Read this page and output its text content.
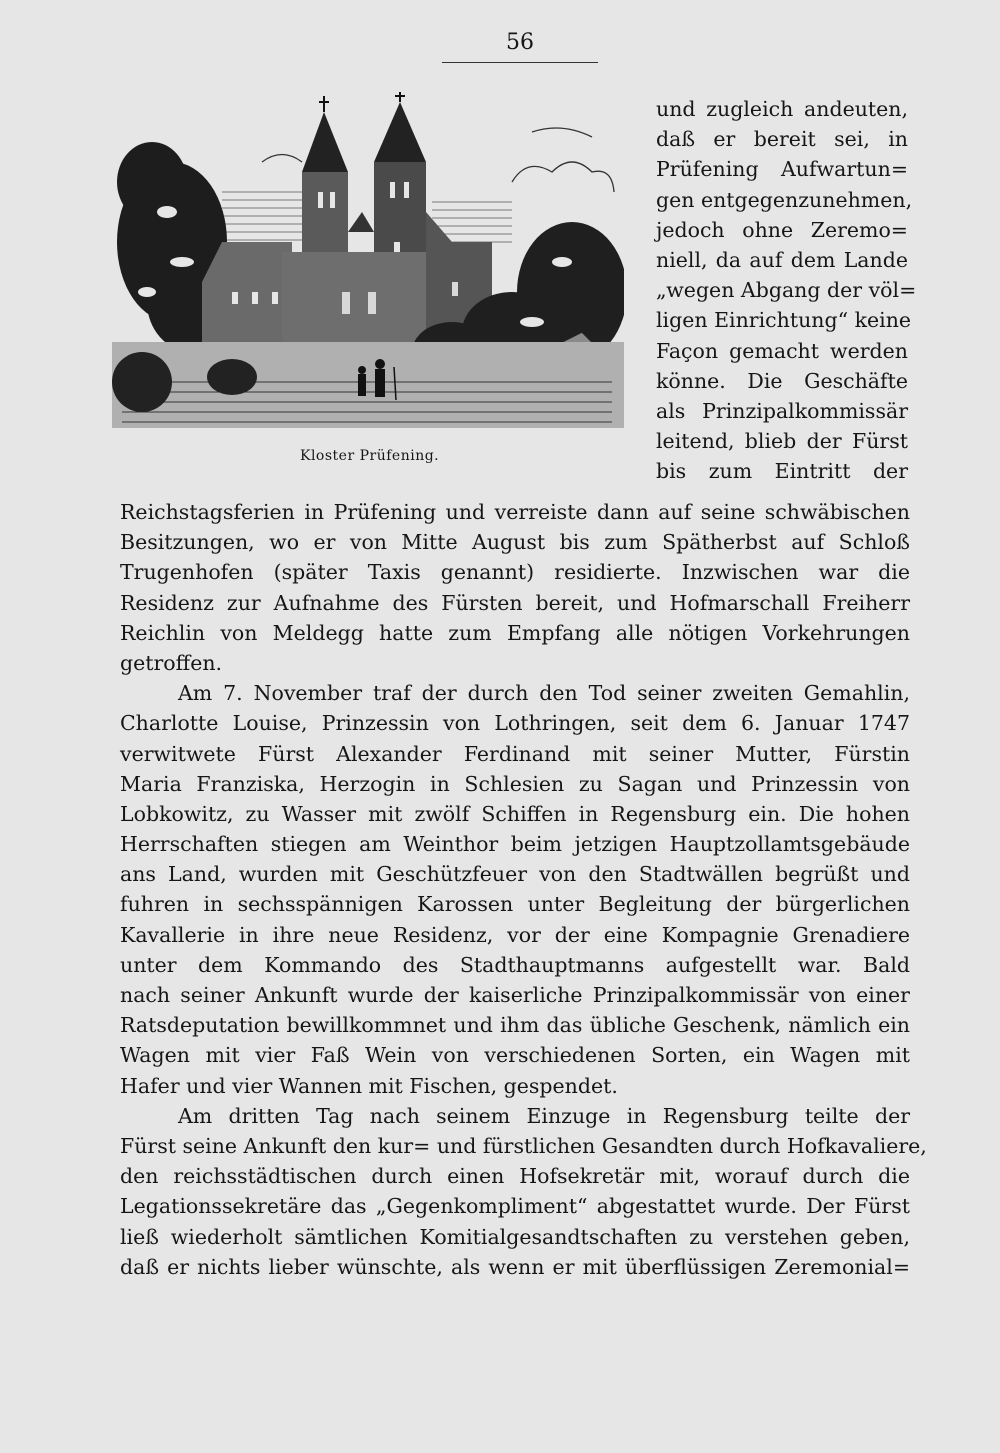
56
Kloster Prüfening.
und zugleich andeuten,
daß er bereit sei, in
Prüfening Aufwartun=
gen entgegenzunehmen,
jedoch ohne Zeremo=
niell, da auf dem Lande
„wegen Abgang der völ=
ligen Einrichtung“ keine
Façon gemacht werden
könne. Die Geschäfte
als Prinzipalkommissär
leitend, blieb der Fürst
bis zum Eintritt der
Reichstagsferien in Prüfening und verreiste dann auf seine schwäbischen
Besitzungen, wo er von Mitte August bis zum Spätherbst auf Schloß
Trugenhofen (später Taxis genannt) residierte. Inzwischen war die
Residenz zur Aufnahme des Fürsten bereit, und Hofmarschall Freiherr
Reichlin von Meldegg hatte zum Empfang alle nötigen Vorkehrungen
getroffen.
Am 7. November traf der durch den Tod seiner zweiten Gemahlin,
Charlotte Louise, Prinzessin von Lothringen, seit dem 6. Januar 1747
verwitwete Fürst Alexander Ferdinand mit seiner Mutter, Fürstin
Maria Franziska, Herzogin in Schlesien zu Sagan und Prinzessin von
Lobkowitz, zu Wasser mit zwölf Schiffen in Regensburg ein. Die hohen
Herrschaften stiegen am Weinthor beim jetzigen Hauptzollamtsgebäude
ans Land, wurden mit Geschützfeuer von den Stadtwällen begrüßt und
fuhren in sechsspännigen Karossen unter Begleitung der bürgerlichen
Kavallerie in ihre neue Residenz, vor der eine Kompagnie Grenadiere
unter dem Kommando des Stadthauptmanns aufgestellt war. Bald
nach seiner Ankunft wurde der kaiserliche Prinzipalkommissär von einer
Ratsdeputation bewillkommnet und ihm das übliche Geschenk, nämlich ein
Wagen mit vier Faß Wein von verschiedenen Sorten, ein Wagen mit
Hafer und vier Wannen mit Fischen, gespendet.
Am dritten Tag nach seinem Einzuge in Regensburg teilte der
Fürst seine Ankunft den kur= und fürstlichen Gesandten durch Hofkavaliere,
den reichsstädtischen durch einen Hofsekretär mit, worauf durch die
Legationssekretäre das „Gegenkompliment“ abgestattet wurde. Der Fürst
ließ wiederholt sämtlichen Komitialgesandtschaften zu verstehen geben,
daß er nichts lieber wünschte, als wenn er mit überflüssigen Zeremonial=
